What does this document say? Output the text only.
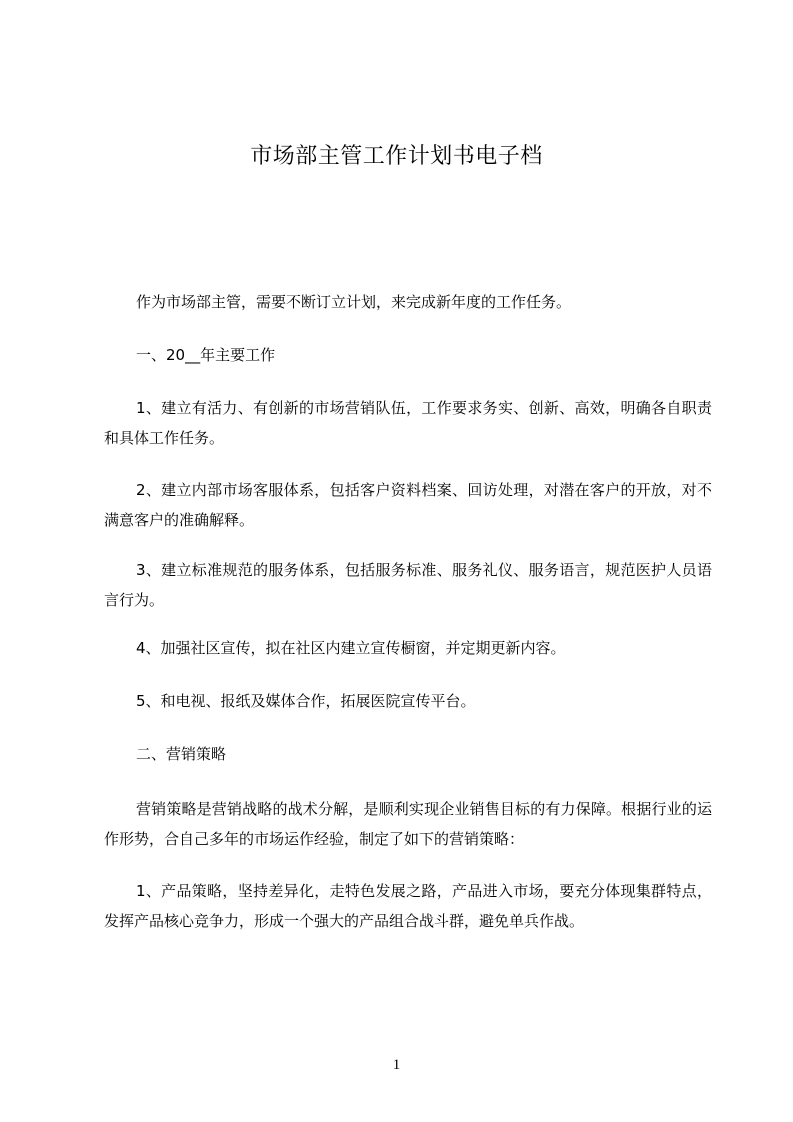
市场部主管工作计划书电子档

作为市场部主管，需要不断订立计划，来完成新年度的工作任务。

一、20__年主要工作

1、建立有活力、有创新的市场营销队伍，工作要求务实、创新、高效，明确各自职责和具体工作任务。

2、建立内部市场客服体系，包括客户资料档案、回访处理，对潜在客户的开放，对不满意客户的准确解释。

3、建立标准规范的服务体系，包括服务标准、服务礼仪、服务语言，规范医护人员语言行为。

4、加强社区宣传，拟在社区内建立宣传橱窗，并定期更新内容。

5、和电视、报纸及媒体合作，拓展医院宣传平台。

二、营销策略

营销策略是营销战略的战术分解，是顺利实现企业销售目标的有力保障。根据行业的运作形势，合自己多年的市场运作经验，制定了如下的营销策略：

1、产品策略，坚持差异化，走特色发展之路，产品进入市场，要充分体现集群特点，发挥产品核心竞争力，形成一个强大的产品组合战斗群，避免单兵作战。

1
